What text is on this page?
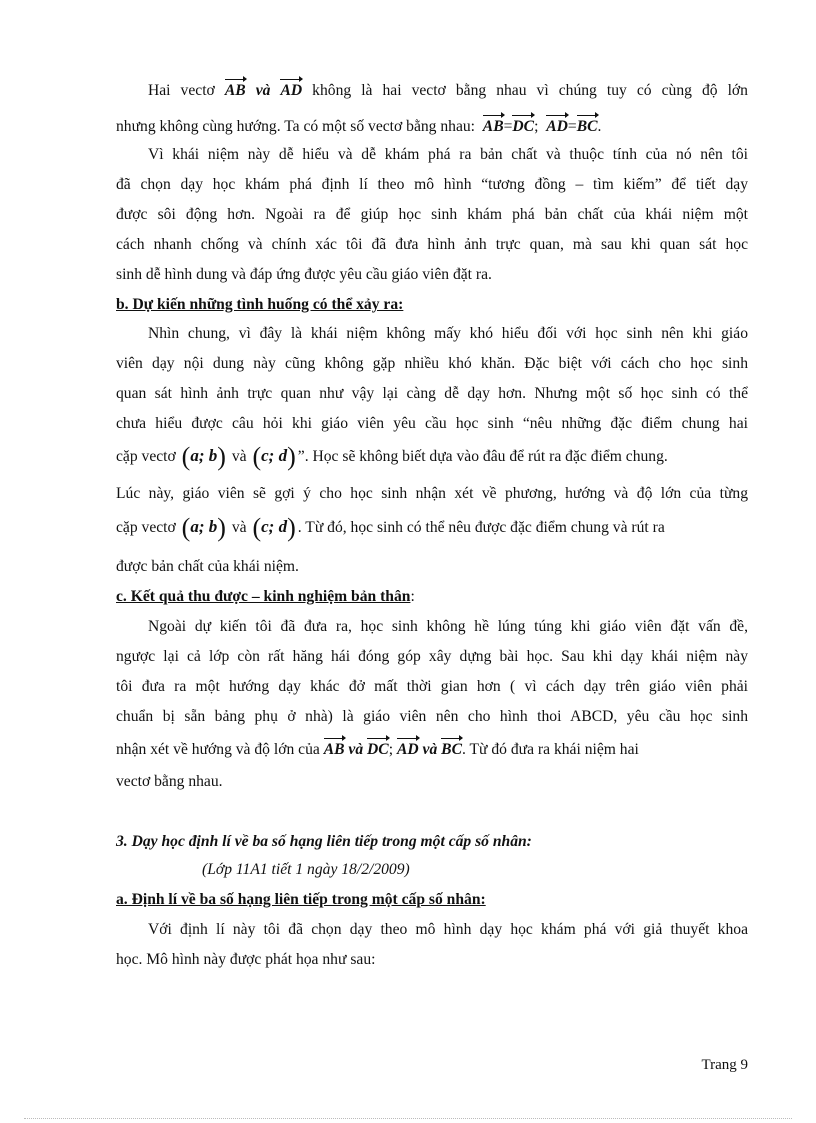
Hai vectơ AB và AD không là hai vectơ bằng nhau vì chúng tuy có cùng độ lớn
nhưng không cùng hướng. Ta có một số vectơ bằng nhau: AB=DC; AD=BC.
Vì khái niệm này dễ hiểu và dễ khám phá ra bản chất và thuộc tính của nó nên tôi
đã chọn dạy học khám phá định lí theo mô hình “tương đồng – tìm kiếm” để tiết dạy
được sôi động hơn. Ngoài ra để giúp học sinh khám phá bản chất của khái niệm một
cách nhanh chống và chính xác tôi đã đưa hình ảnh trực quan, mà sau khi quan sát học
sinh dễ hình dung và đáp ứng được yêu cầu giáo viên đặt ra.
b. Dự kiến những tình huống có thể xảy ra:
Nhìn chung, vì đây là khái niệm không mấy khó hiểu đối với học sinh nên khi giáo
viên dạy nội dung này cũng không gặp nhiều khó khăn. Đặc biệt với cách cho học sinh
quan sát hình ảnh trực quan như vậy lại càng dễ dạy hơn. Nhưng một số học sinh có thể
chưa hiểu được câu hỏi khi giáo viên yêu cầu học sinh “nêu những đặc điểm chung hai
cặp vectơ (a; b) và (c; d) ”. Học sẽ không biết dựa vào đâu để rút ra đặc điểm chung.
Lúc này, giáo viên sẽ gợi ý cho học sinh nhận xét về phương, hướng và độ lớn của từng
cặp vectơ (a; b) và (c; d) . Từ đó, học sinh có thể nêu được đặc điểm chung và rút ra
được bản chất của khái niệm.
c. Kết quả thu được – kinh nghiệm bản thân:
Ngoài dự kiến tôi đã đưa ra, học sinh không hề lúng túng khi giáo viên đặt vấn đề,
ngược lại cả lớp còn rất hăng hái đóng góp xây dựng bài học. Sau khi dạy khái niệm này
tôi đưa ra một hướng dạy khác đở mất thời gian hơn ( vì cách dạy trên giáo viên phải
chuẩn bị sẵn bảng phụ ở nhà) là giáo viên nên cho hình thoi ABCD, yêu cầu học sinh
nhận xét về hướng và độ lớn của AB và DC; AD và BC. Từ đó đưa ra khái niệm hai
vectơ bằng nhau.
3. Dạy học định lí về ba số hạng liên tiếp trong một cấp số nhân:
(Lớp 11A1 tiết 1 ngày 18/2/2009)
a. Định lí về ba số hạng liên tiếp trong một cấp số nhân:
Với định lí này tôi đã chọn dạy theo mô hình dạy học khám phá với giả thuyết khoa
học. Mô hình này được phát họa như sau:
Trang 9
